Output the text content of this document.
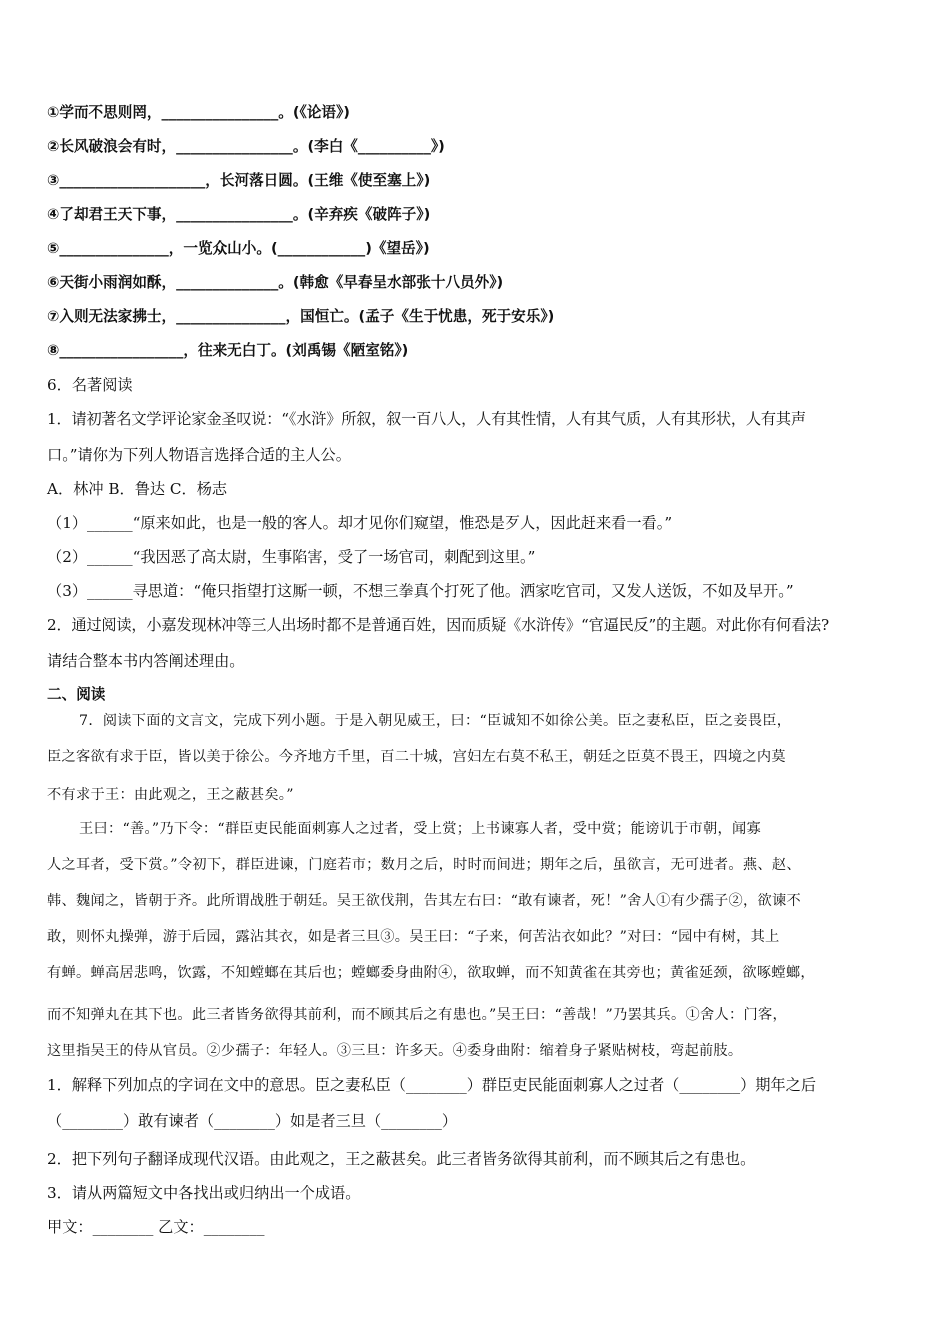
①学而不思则罔，________________。(《论语》)
②长风破浪会有时，________________。(李白《__________》)
③____________________，长河落日圆。(王维《使至塞上》)
④了却君王天下事，________________。(辛弃疾《破阵子》)
⑤_______________，一览众山小。(____________)《望岳》)
⑥天街小雨润如酥，______________。(韩愈《早春呈水部张十八员外》)
⑦入则无法家拂士，_______________，国恒亡。(孟子《生于忧患，死于安乐》)
⑧_________________，往来无白丁。(刘禹锡《陋室铭》)
6．名著阅读
1．请初著名文学评论家金圣叹说：“《水浒》所叙，叙一百八人，人有其性情，人有其气质，人有其形状，人有其声
口。”请你为下列人物语言选择合适的主人公。
A．林冲 B．鲁达 C．杨志
（1）______“原来如此，也是一般的客人。却才见你们窥望，惟恐是歹人，因此赶来看一看。”
（2）______“我因恶了高太尉，生事陷害，受了一场官司，刺配到这里。”
（3）______寻思道：“俺只指望打这厮一顿，不想三拳真个打死了他。洒家吃官司，又发人送饭，不如及早开。”
2．通过阅读，小嘉发现林冲等三人出场时都不是普通百姓，因而质疑《水浒传》“官逼民反”的主题。对此你有何看法?
请结合整本书内答阐述理由。
二、阅读
7．阅读下面的文言文，完成下列小题。于是入朝见威王，曰：“臣诚知不如徐公美。臣之妻私臣，臣之妾畏臣，
臣之客欲有求于臣，皆以美于徐公。今齐地方千里，百二十城，宫妇左右莫不私王，朝廷之臣莫不畏王，四境之内莫
不有求于王：由此观之，王之蔽甚矣。”
王曰：“善。”乃下令：“群臣吏民能面刺寡人之过者，受上赏；上书谏寡人者，受中赏；能谤讥于市朝，闻寡
人之耳者，受下赏。”令初下，群臣进谏，门庭若市；数月之后，时时而间进；期年之后，虽欲言，无可进者。燕、赵、
韩、魏闻之，皆朝于齐。此所谓战胜于朝廷。吴王欲伐荆，告其左右曰：“敢有谏者，死！”舍人①有少孺子②，欲谏不
敢，则怀丸操弹，游于后园，露沾其衣，如是者三旦③。吴王曰：“子来，何苦沾衣如此？”对曰：“园中有树，其上
有蝉。蝉高居悲鸣，饮露，不知螳螂在其后也；螳螂委身曲附④，欲取蝉，而不知黄雀在其旁也；黄雀延颈，欲啄螳螂，
而不知弹丸在其下也。此三者皆务欲得其前利，而不顾其后之有患也。”吴王曰：“善哉！”乃罢其兵。①舍人：门客，
这里指吴王的侍从官员。②少孺子：年轻人。③三旦：许多天。④委身曲附：缩着身子紧贴树枝，弯起前肢。
1．解释下列加点的字词在文中的意思。臣之妻私臣（________）群臣吏民能面刺寡人之过者（________）期年之后
（________）敢有谏者（________）如是者三旦（________）
2．把下列句子翻译成现代汉语。由此观之，王之蔽甚矣。此三者皆务欲得其前利，而不顾其后之有患也。
3．请从两篇短文中各找出或归纳出一个成语。
甲文：________ 乙文：________
